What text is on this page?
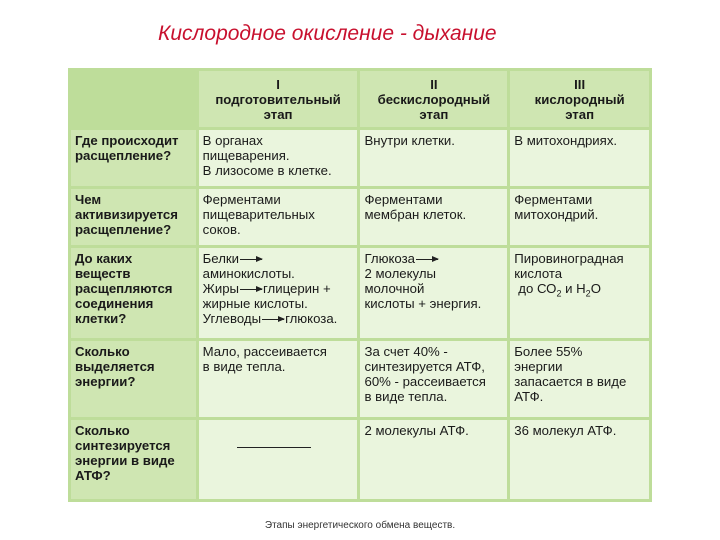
Кислородное окисление - дыхание

	I
подготовительный
этап	II
бескислородный
этап	III
кислородный
этап

Где происходит
расщепление?	В органах
пищеварения.
В лизосоме в клетке.	Внутри клетки.	В митохондриях.

Чем
активизируется
расщепление?	Ферментами
пищеварительных
соков.	Ферментами
мембран клеток.	Ферментами
митохондрий.

До каких
веществ
расщепляются
соединения
клетки?	Белки
аминокислоты.
Жиры глицерин +
жирные кислоты.
Углеводы глюкоза.	Глюкоза
2 молекулы
молочной
кислоты + энергия.	Пировиноградная
кислота
до $СО_2$ и $Н_2О$

Сколько
выделяется
энергии?	Мало, рассеивается
в виде тепла.	За счет 40% -
синтезируется АТФ,
60% - рассеивается
в виде тепла.	Более 55%
энергии
запасается в виде
АТФ.

Сколько
синтезируется
энергии в виде
АТФ?		2 молекулы АТФ.	36 молекул АТФ.
Этапы энергетического обмена веществ.
